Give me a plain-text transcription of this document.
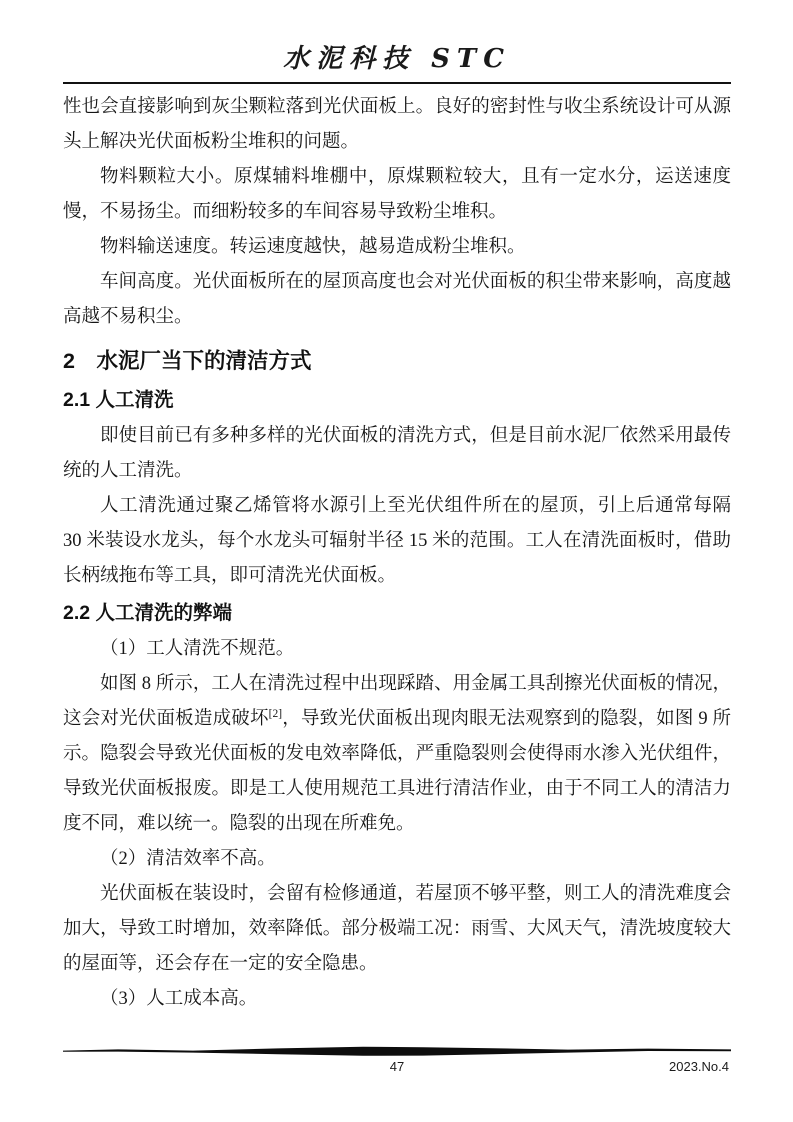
水泥科技 STC

性也会直接影响到灰尘颗粒落到光伏面板上。良好的密封性与收尘系统设计可从源头上解决光伏面板粉尘堆积的问题。

物料颗粒大小。原煤辅料堆棚中，原煤颗粒较大，且有一定水分，运送速度慢，不易扬尘。而细粉较多的车间容易导致粉尘堆积。

物料输送速度。转运速度越快，越易造成粉尘堆积。

车间高度。光伏面板所在的屋顶高度也会对光伏面板的积尘带来影响，高度越高越不易积尘。

2　水泥厂当下的清洁方式
2.1 人工清洗

即使目前已有多种多样的光伏面板的清洗方式，但是目前水泥厂依然采用最传统的人工清洗。

人工清洗通过聚乙烯管将水源引上至光伏组件所在的屋顶，引上后通常每隔 30 米装设水龙头，每个水龙头可辐射半径 15 米的范围。工人在清洗面板时，借助长柄绒拖布等工具，即可清洗光伏面板。

2.2 人工清洗的弊端

（1）工人清洗不规范。

如图 8 所示，工人在清洗过程中出现踩踏、用金属工具刮擦光伏面板的情况，这会对光伏面板造成破坏[2]，导致光伏面板出现肉眼无法观察到的隐裂，如图 9 所示。隐裂会导致光伏面板的发电效率降低，严重隐裂则会使得雨水渗入光伏组件，导致光伏面板报废。即是工人使用规范工具进行清洁作业，由于不同工人的清洁力度不同，难以统一。隐裂的出现在所难免。

（2）清洁效率不高。

光伏面板在装设时，会留有检修通道，若屋顶不够平整，则工人的清洗难度会加大，导致工时增加，效率降低。部分极端工况：雨雪、大风天气，清洗坡度较大的屋面等，还会存在一定的安全隐患。

（3）人工成本高。

47	2023.No.4
